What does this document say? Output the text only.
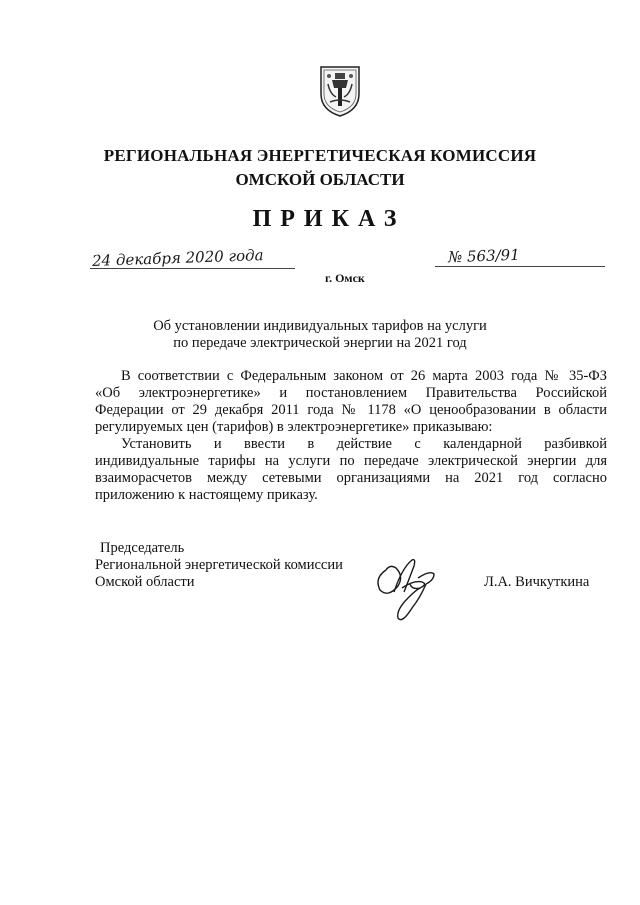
РЕГИОНАЛЬНАЯ ЭНЕРГЕТИЧЕСКАЯ КОМИССИЯ
ОМСКОЙ ОБЛАСТИ
ПРИКАЗ
24 декабря 2020 года
г. Омск
№ 563/91
Об установлении индивидуальных тарифов на услуги
по передаче электрической энергии на 2021 год

В соответствии с Федеральным законом от 26 марта 2003 года № 35-ФЗ

«Об электроэнергетике» и постановлением Правительства Российской

Федерации от 29 декабря 2011 года № 1178 «О ценообразовании в области

регулируемых цен (тарифов) в электроэнергетике» приказываю:

Установить и ввести в действие с календарной разбивкой

индивидуальные тарифы на услуги по передаче электрической энергии для

взаиморасчетов между сетевыми организациями на 2021 год согласно

приложению к настоящему приказу.

Председатель
Региональной энергетической комиссии
Омской области	Л.А. Вичкуткина
